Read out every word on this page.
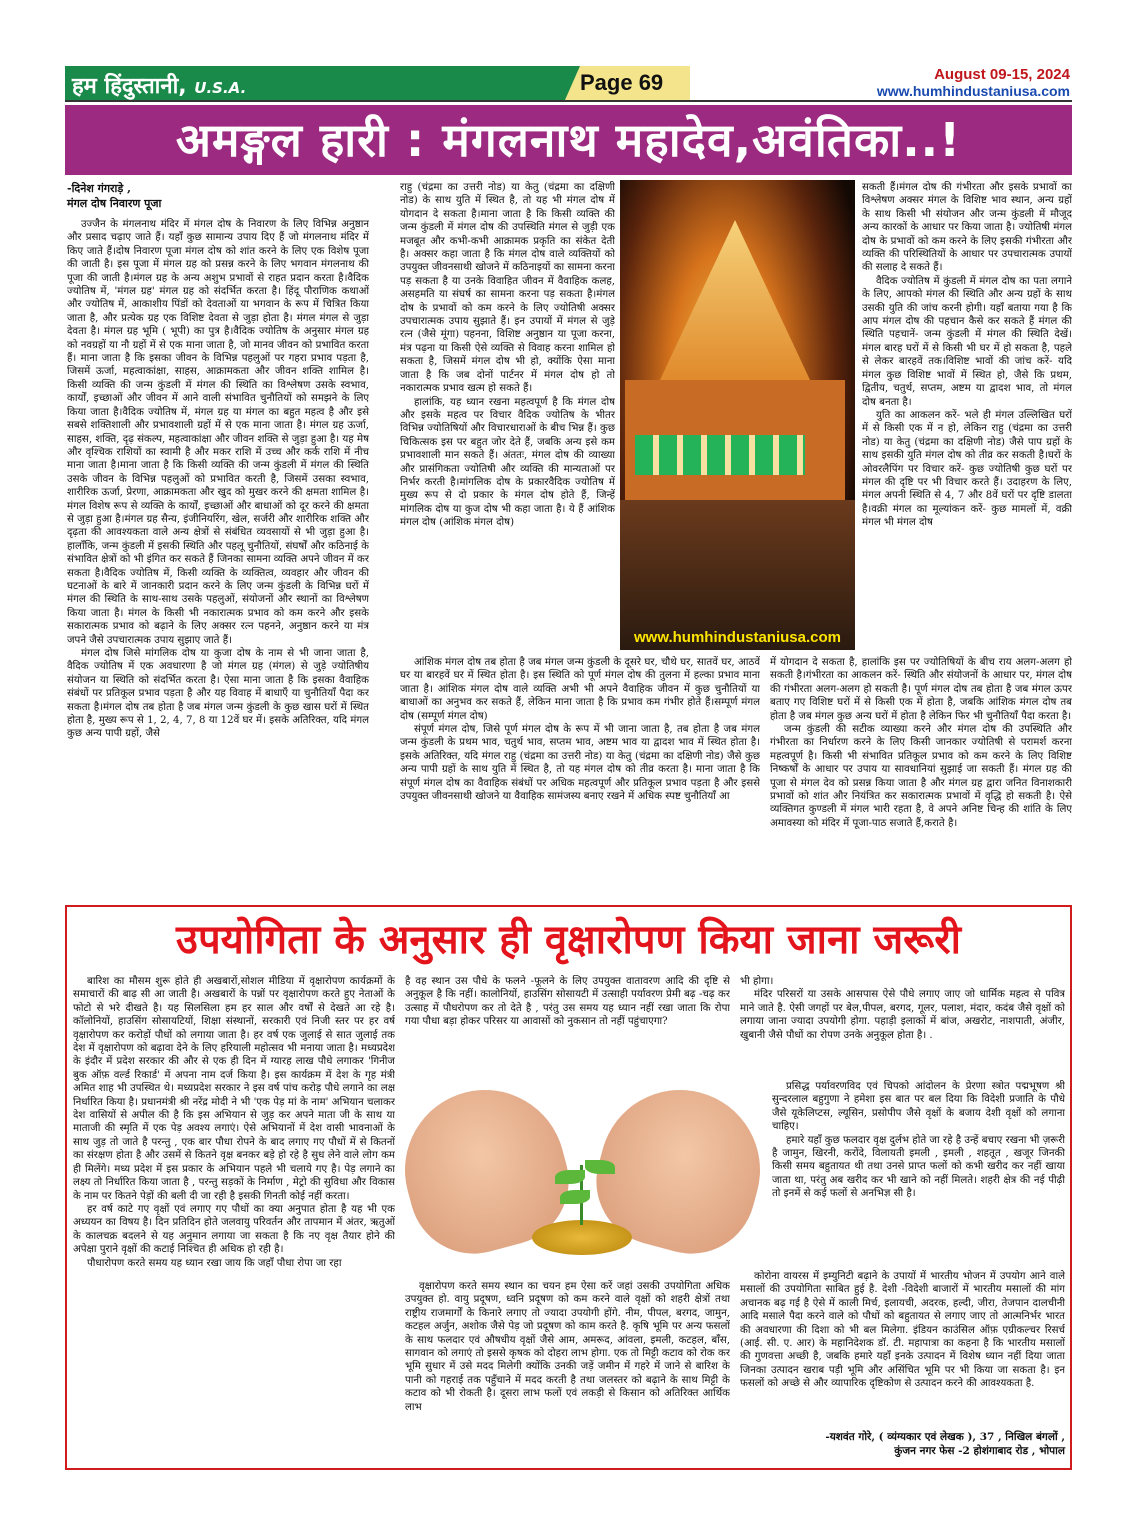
हम हिंदुस्तानी, U.S.A.	Page 69	August 09-15, 2024
www.humhindustaniusa.com
अमङ्गल हारी : मंगलनाथ महादेव,अवंतिका..!
-दिनेश गंगराड़े ,
मंगल दोष निवारण पूजा

उज्जैन के मंगलनाथ मंदिर में मंगल दोष के निवारण के लिए विभिन्न अनुष्ठान और प्रसाद चढ़ाए जाते हैं। यहाँ कुछ सामान्य उपाय दिए हैं जो मंगलनाथ मंदिर में किए जाते हैं।दोष निवारण पूजा मंगल दोष को शांत करने के लिए एक विशेष पूजा की जाती है। इस पूजा में मंगल ग्रह को प्रसन्न करने के लिए भगवान मंगलनाथ की पूजा की जाती है।मंगल ग्रह के अन्य अशुभ प्रभावों से राहत प्रदान करता है।वैदिक ज्योतिष में, 'मंगल ग्रह' मंगल ग्रह को संदर्भित करता है। हिंदू पौराणिक कथाओं और ज्योतिष में, आकाशीय पिंडों को देवताओं या भगवान के रूप में चित्रित किया जाता है, और प्रत्येक ग्रह एक विशिष्ट देवता से जुड़ा होता है। मंगल मंगल से जुड़ा देवता है। मंगल ग्रह भूमि ( भूपी) का पुत्र है।वैदिक ज्योतिष के अनुसार मंगल ग्रह को नवग्रहों या नौ ग्रहों में से एक माना जाता है, जो मानव जीवन को प्रभावित करता हैं। माना जाता है कि इसका जीवन के विभिन्न पहलुओं पर गहरा प्रभाव पड़ता है, जिसमें ऊर्जा, महत्वाकांक्षा, साहस, आक्रामकता और जीवन शक्ति शामिल है। किसी व्यक्ति की जन्म कुंडली में मंगल की स्थिति का विश्लेषण उसके स्वभाव, कार्यों, इच्छाओं और जीवन में आने वाली संभावित चुनौतियों को समझने के लिए किया जाता है।वैदिक ज्योतिष में, मंगल ग्रह या मंगल का बहुत महत्व है और इसे सबसे शक्तिशाली और प्रभावशाली ग्रहों में से एक माना जाता है। मंगल ग्रह ऊर्जा, साहस, शक्ति, दृढ़ संकल्प, महत्वाकांक्षा और जीवन शक्ति से जुड़ा हुआ है। यह मेष और वृश्चिक राशियों का स्वामी है और मकर राशि में उच्च और कर्क राशि में नीच माना जाता है।माना जाता है कि किसी व्यक्ति की जन्म कुंडली में मंगल की स्थिति उसके जीवन के विभिन्न पहलुओं को प्रभावित करती है, जिसमें उसका स्वभाव, शारीरिक ऊर्जा, प्रेरणा, आक्रामकता और खुद को मुखर करने की क्षमता शामिल है। मंगल विशेष रूप से व्यक्ति के कार्यों, इच्छाओं और बाधाओं को दूर करने की क्षमता से जुड़ा हुआ है।मंगल ग्रह सैन्य, इंजीनियरिंग, खेल, सर्जरी और शारीरिक शक्ति और दृढ़ता की आवश्यकता वाले अन्य क्षेत्रों से संबंधित व्यवसायों से भी जुड़ा हुआ है। हालाँकि, जन्म कुंडली में इसकी स्थिति और पहलू चुनौतियों, संघर्षों और कठिनाई के संभावित क्षेत्रों को भी इंगित कर सकते हैं जिनका सामना व्यक्ति अपने जीवन में कर सकता है।वैदिक ज्योतिष में, किसी व्यक्ति के व्यक्तित्व, व्यवहार और जीवन की घटनाओं के बारे में जानकारी प्रदान करने के लिए जन्म कुंडली के विभिन्न घरों में मंगल की स्थिति के साथ-साथ उसके पहलुओं, संयोजनों और स्थानों का विश्लेषण किया जाता है। मंगल के किसी भी नकारात्मक प्रभाव को कम करने और इसके सकारात्मक प्रभाव को बढ़ाने के लिए अक्सर रत्न पहनने, अनुष्ठान करने या मंत्र जपने जैसे उपचारात्मक उपाय सुझाए जाते हैं।

मंगल दोष जिसे मांगलिक दोष या कुजा दोष के नाम से भी जाना जाता है, वैदिक ज्योतिष में एक अवधारणा है जो मंगल ग्रह (मंगल) से जुड़े ज्योतिषीय संयोजन या स्थिति को संदर्भित करता है। ऐसा माना जाता है कि इसका वैवाहिक संबंधों पर प्रतिकूल प्रभाव पड़ता है और यह विवाह में बाधाएँ या चुनौतियाँ पैदा कर सकता है।मंगल दोष तब होता है जब मंगल जन्म कुंडली के कुछ खास घरों में स्थित होता है, मुख्य रूप से 1, 2, 4, 7, 8 या 12वें घर में। इसके अतिरिक्त, यदि मंगल कुछ अन्य पापी ग्रहों, जैसे

राहु (चंद्रमा का उत्तरी नोड) या केतु (चंद्रमा का दक्षिणी नोड) के साथ युति में स्थित है, तो यह भी मंगल दोष में योगदान दे सकता है।माना जाता है कि किसी व्यक्ति की जन्म कुंडली में मंगल दोष की उपस्थिति मंगल से जुड़ी एक मजबूत और कभी-कभी आक्रामक प्रकृति का संकेत देती है। अक्सर कहा जाता है कि मंगल दोष वाले व्यक्तियों को उपयुक्त जीवनसाथी खोजने में कठिनाइयों का सामना करना पड़ सकता है या उनके विवाहित जीवन में वैवाहिक कलह, असहमति या संघर्ष का सामना करना पड़ सकता है।मंगल दोष के प्रभावों को कम करने के लिए ज्योतिषी अक्सर उपचारात्मक उपाय सुझाते हैं। इन उपायों में मंगल से जुड़े रत्न (जैसे मूंगा) पहनना, विशिष्ट अनुष्ठान या पूजा करना, मंत्र पढ़ना या किसी ऐसे व्यक्ति से विवाह करना शामिल हो सकता है, जिसमें मंगल दोष भी हो, क्योंकि ऐसा माना जाता है कि जब दोनों पार्टनर में मंगल दोष हो तो नकारात्मक प्रभाव खत्म हो सकते हैं।

हालांकि, यह ध्यान रखना महत्वपूर्ण है कि मंगल दोष और इसके महत्व पर विचार वैदिक ज्योतिष के भीतर विभिन्न ज्योतिषियों और विचारधाराओं के बीच भिन्न हैं। कुछ चिकित्सक इस पर बहुत जोर देते हैं, जबकि अन्य इसे कम प्रभावशाली मान सकते हैं। अंततः, मंगल दोष की व्याख्या और प्रासंगिकता ज्योतिषी और व्यक्ति की मान्यताओं पर निर्भर करती है।मांगलिक दोष के प्रकारवैदिक ज्योतिष में मुख्य रूप से दो प्रकार के मंगल दोष होते हैं, जिन्हें मांगलिक दोष या कुज दोष भी कहा जाता है। ये हैं आंशिक मंगल दोष (आंशिक मंगल दोष)

www.humhindustaniusa.com

सकती हैं।मंगल दोष की गंभीरता और इसके प्रभावों का विश्लेषण अक्सर मंगल के विशिष्ट भाव स्थान, अन्य ग्रहों के साथ किसी भी संयोजन और जन्म कुंडली में मौजूद अन्य कारकों के आधार पर किया जाता है। ज्योतिषी मंगल दोष के प्रभावों को कम करने के लिए इसकी गंभीरता और व्यक्ति की परिस्थितियों के आधार पर उपचारात्मक उपायों की सलाह दे सकते हैं।

वैदिक ज्योतिष में कुंडली में मंगल दोष का पता लगाने के लिए, आपको मंगल की स्थिति और अन्य ग्रहों के साथ उसकी युति की जांच करनी होगी। यहाँ बताया गया है कि आप मंगल दोष की पहचान कैसे कर सकते हैं मंगल की स्थिति पहचानें- जन्म कुंडली में मंगल की स्थिति देखें। मंगल बारह घरों में से किसी भी घर में हो सकता है, पहले से लेकर बारहवें तक।विशिष्ट भावों की जांच करें- यदि मंगल कुछ विशिष्ट भावों में स्थित हो, जैसे कि प्रथम, द्वितीय, चतुर्थ, सप्तम, अष्टम या द्वादश भाव, तो मंगल दोष बनता है।

युति का आकलन करें- भले ही मंगल उल्लिखित घरों में से किसी एक में न हो, लेकिन राहु (चंद्रमा का उत्तरी नोड) या केतु (चंद्रमा का दक्षिणी नोड) जैसे पाप ग्रहों के साथ इसकी युति मंगल दोष को तीव्र कर सकती है।घरों के ओवरलैपिंग पर विचार करें- कुछ ज्योतिषी कुछ घरों पर मंगल की दृष्टि पर भी विचार करते हैं। उदाहरण के लिए, मंगल अपनी स्थिति से 4, 7 और 8वें घरों पर दृष्टि डालता है।वक्री मंगल का मूल्यांकन करें- कुछ मामलों में, वक्री मंगल भी मंगल दोष

आंशिक मंगल दोष तब होता है जब मंगल जन्म कुंडली के दूसरे घर, चौथे घर, सातवें घर, आठवें घर या बारहवें घर में स्थित होता है। इस स्थिति को पूर्ण मंगल दोष की तुलना में हल्का प्रभाव माना जाता है। आंशिक मंगल दोष वाले व्यक्ति अभी भी अपने वैवाहिक जीवन में कुछ चुनौतियों या बाधाओं का अनुभव कर सकते हैं, लेकिन माना जाता है कि प्रभाव कम गंभीर होते हैं।सम्पूर्ण मंगल दोष (सम्पूर्ण मंगल दोष)

संपूर्ण मंगल दोष, जिसे पूर्ण मंगल दोष के रूप में भी जाना जाता है, तब होता है जब मंगल जन्म कुंडली के प्रथम भाव, चतुर्थ भाव, सप्तम भाव, अष्टम भाव या द्वादश भाव में स्थित होता है। इसके अतिरिक्त, यदि मंगल राहु (चंद्रमा का उत्तरी नोड) या केतु (चंद्रमा का दक्षिणी नोड) जैसे कुछ अन्य पापी ग्रहों के साथ युति में स्थित है, तो यह मंगल दोष को तीव्र करता है। माना जाता है कि संपूर्ण मंगल दोष का वैवाहिक संबंधों पर अधिक महत्वपूर्ण और प्रतिकूल प्रभाव पड़ता है और इससे उपयुक्त जीवनसाथी खोजने या वैवाहिक सामंजस्य बनाए रखने में अधिक स्पष्ट चुनौतियाँ आ

में योगदान दे सकता है, हालांकि इस पर ज्योतिषियों के बीच राय अलग-अलग हो सकती है।गंभीरता का आकलन करें- स्थिति और संयोजनों के आधार पर, मंगल दोष की गंभीरता अलग-अलग हो सकती है। पूर्ण मंगल दोष तब होता है जब मंगल ऊपर बताए गए विशिष्ट घरों में से किसी एक में होता है, जबकि आंशिक मंगल दोष तब होता है जब मंगल कुछ अन्य घरों में होता है लेकिन फिर भी चुनौतियाँ पैदा करता है।

जन्म कुंडली की सटीक व्याख्या करने और मंगल दोष की उपस्थिति और गंभीरता का निर्धारण करने के लिए किसी जानकार ज्योतिषी से परामर्श करना महत्वपूर्ण है। किसी भी संभावित प्रतिकूल प्रभाव को कम करने के लिए विशिष्ट निष्कर्षों के आधार पर उपाय या सावधानियां सुझाई जा सकती हैं। मंगल ग्रह की पूजा से मंगल देव को प्रसन्न किया जाता है और मंगल ग्रह द्वारा जनित विनाशकारी प्रभावों को शांत और नियंत्रित कर सकारात्मक प्रभावों में वृद्धि हो सकती है। ऐसे व्यक्तिगत कुण्डली में मंगल भारी रहता है, वे अपने अनिष्ट चिन्ह की शांति के लिए अमावस्या को मंदिर में पूजा-पाठ सजाते हैं,कराते है।

उपयोगिता के अनुसार ही वृक्षारोपण किया जाना जरूरी

बारिश का मौसम शुरू होते ही अखबारों,सोशल मीडिया में वृक्षारोपण कार्यक्रमों के समाचारों की बाढ़ सी आ जाती है। अखबारों के पन्नों पर वृक्षारोपण करते हुए नेताओं के फोटो से भरे दीखते है। यह सिलसिला हम हर साल और वर्षों से देखते आ रहे है। कॉलोनियों, हाउसिंग सोसायटियों, शिक्षा संस्थानों, सरकारी एवं निजी स्तर पर हर वर्ष वृक्षारोपण कर करोड़ों पौधों को लगाया जाता है। हर वर्ष एक जुलाई से सात जुलाई तक देश में वृक्षारोपण को बढ़ावा देने के लिए हरियाली महोत्सव भी मनाया जाता है। मध्यप्रदेश के इंदौर में प्रदेश सरकार की और से एक ही दिन में ग्यारह लाख पौधे लगाकर 'गिनीज बुक ऑफ़ वर्ल्ड रिकार्ड' में अपना नाम दर्ज किया है। इस कार्यक्रम में देश के गृह मंत्री अमित शाह भी उपस्थित थे। मध्यप्रदेश सरकार ने इस वर्ष पांच करोड़ पौधे लगाने का लक्ष निर्धारित किया है। प्रधानमंत्री श्री नरेंद्र मोदी ने भी 'एक पेड़ मां के नाम' अभियान चलाकर देश वासियों से अपील की है कि इस अभियान से जुड़ कर अपने माता जी के साथ या माताजी की स्मृति में एक पेड़ अवश्य लगाएं। ऐसे अभियानों में देश वासी भावनाओं के साथ जुड़ तो जाते है परन्तु , एक बार पौधा रोपने के बाद लगाए गए पौधों में से कितनों का संरक्षण होता है और उसमें से कितने वृक्ष बनकर बड़े हो रहे है सुध लेने वाले लोग कम ही मिलेंगे। मध्य प्रदेश में इस प्रकार के अभियान पहले भी चलाये गए है। पेड़ लगाने का लक्ष्य तो निर्धारित किया जाता है , परन्तु सड़कों के निर्माण , मेट्रो की सुविधा और विकास के नाम पर कितने पेड़ों की बली दी जा रही है इसकी गिनती कोई नहीं करता।

हर वर्ष काटे गए वृक्षों एवं लगाए गए पौधों का क्या अनुपात होता है यह भी एक अध्ययन का विषय है। दिन प्रतिदिन होते जलवायु परिवर्तन और तापमान में अंतर, ऋतुओं के कालचक्र बदलने से यह अनुमान लगाया जा सकता है कि नए वृक्ष तैयार होने की अपेक्षा पुराने वृक्षों की कटाई निश्चित ही अधिक हो रही है।

पौधारोपण करते समय यह ध्यान रखा जाय कि जहाँ पौधा रोपा जा रहा

है वह स्थान उस पौधे के फलने -फूलने के लिए उपयुक्त वातावरण आदि की दृष्टि से अनुकूल है कि नहीं। कालोनियों, हाउसिंग सोसायटी में उत्साही पर्यावरण प्रेमी बढ़ -चढ़ कर उत्साह में पौधरोपण कर तो देते है , परंतु उस समय यह ध्यान नहीं रखा जाता कि रोपा गया पौधा बड़ा होकर परिसर या आवासों को नुकसान तो नहीं पहुंचाएगा?

वृक्षारोपण करते समय स्थान का चयन हम ऐसा करें जहां उसकी उपयोगिता अधिक उपयुक्त हो. वायु प्रदूषण, ध्वनि प्रदूषण को कम करने वाले वृक्षों को शहरी क्षेत्रों तथा राष्ट्रीय राजमार्गों के किनारे लगाए तो ज्यादा उपयोगी होंगे. नीम, पीपल, बरगद, जामुन, कटहल अर्जुन, अशोक जैसे पेड़ जो प्रदूषण को काम करते है. कृषि भूमि पर अन्य फसलों के साथ फलदार एवं औषधीय वृक्षों जैसे आम, अमरूद, आंवला, इमली, कटहल, बाँस, सागवान को लगाएं तो इससे कृषक को दोहरा लाभ होगा. एक तो मिट्टी कटाव को रोक कर भूमि सुधार में उसे मदद मिलेगी क्योंकि उनकी जड़ें जमीन में गहरे में जाने से बारिश के पानी को गहराई तक पहुँचाने में मदद करती है तथा जलस्तर को बढ़ाने के साथ मिट्टी के कटाव को भी रोकती है। दूसरा लाभ फलों एवं लकड़ी से किसान को अतिरिक्त आर्थिक लाभ

भी होगा।

मंदिर परिसरों या उसके आसपास ऐसे पौधे लगाए जाए जो धार्मिक महत्व से पवित्र माने जाते है. ऐसी जगहों पर बेल,पीपल, बरगद, गूलर, पलाश, मंदार, कदंब जैसे वृक्षों को लगाया जाना ज्यादा उपयोगी होगा. पहाड़ी इलाकों में बांज, अखरोट, नाशपाती, अंजीर, खुबानी जैसे पौधों का रोपण उनके अनुकूल होता है। .

प्रसिद्ध पर्यावरणविद एवं चिपको आंदोलन के प्रेरणा स्त्रोत पद्मभूषण श्री सुन्दरलाल बहुगुणा ने हमेशा इस बात पर बल दिया कि विदेशी प्रजाति के पौधे जैसे यूकेलिप्टस, ल्यूसिन, प्रसोपीप जैसे वृक्षों के बजाय देशी वृक्षों को लगाना चाहिए।

हमारे यहाँ कुछ फलदार वृक्ष दुर्लभ होते जा रहे है उन्हें बचाए रखना भी ज़रूरी है जामुन, खिरनी, करोंदे, विलायती इमली , इमली , शहतूत , खजूर जिनकी किसी समय बहुतायत थी तथा उनसे प्राप्त फलों को कभी खरीद कर नहीं खाया जाता था, परंतु अब खरीद कर भी खाने को नहीं मिलते। शहरी क्षेत्र की नई पीढ़ी तो इनमें से कई फलों से अनभिज्ञ सी है।

कोरोना वायरस में इम्युनिटी बढ़ाने के उपायों में भारतीय भोजन में उपयोग आने वाले मसालों की उपयोगिता साबित हुई है. देशी -विदेशी बाजारों में भारतीय मसालों की मांग अचानक बढ़ गई है ऐसे में काली मिर्च, इलायची, अदरक, हल्दी, जीरा, तेजपान दालचीनी आदि मसाले पैदा करने वाले को पौधों को बहुतायत से लगाए जाए तो आत्मनिर्भर भारत की अवधारणा की दिशा को भी बल मिलेगा. इंडियन काउंसिल ऑफ़ एग्रीकल्चर रिसर्च (आई. सी. ए. आर) के महानिदेशक डॉ. टी. महापात्रा का कहना है कि भारतीय मसालों की गुणवत्ता अच्छी है, जबकि हमारे यहाँ इनके उत्पादन में विशेष ध्यान नहीं दिया जाता जिनका उत्पादन खराब पड़ी भूमि और असिंचित भूमि पर भी किया जा सकता है। इन फसलों को अच्छे से और व्यापारिक दृष्टिकोण से उत्पादन करने की आवश्यकता है.

-यशवंत गोरे, ( व्यंग्यकार एवं लेखक ), 37 , निखिल बंगलों ,
कुंजन नगर फेस -2 होशंगाबाद रोड , भोपाल
